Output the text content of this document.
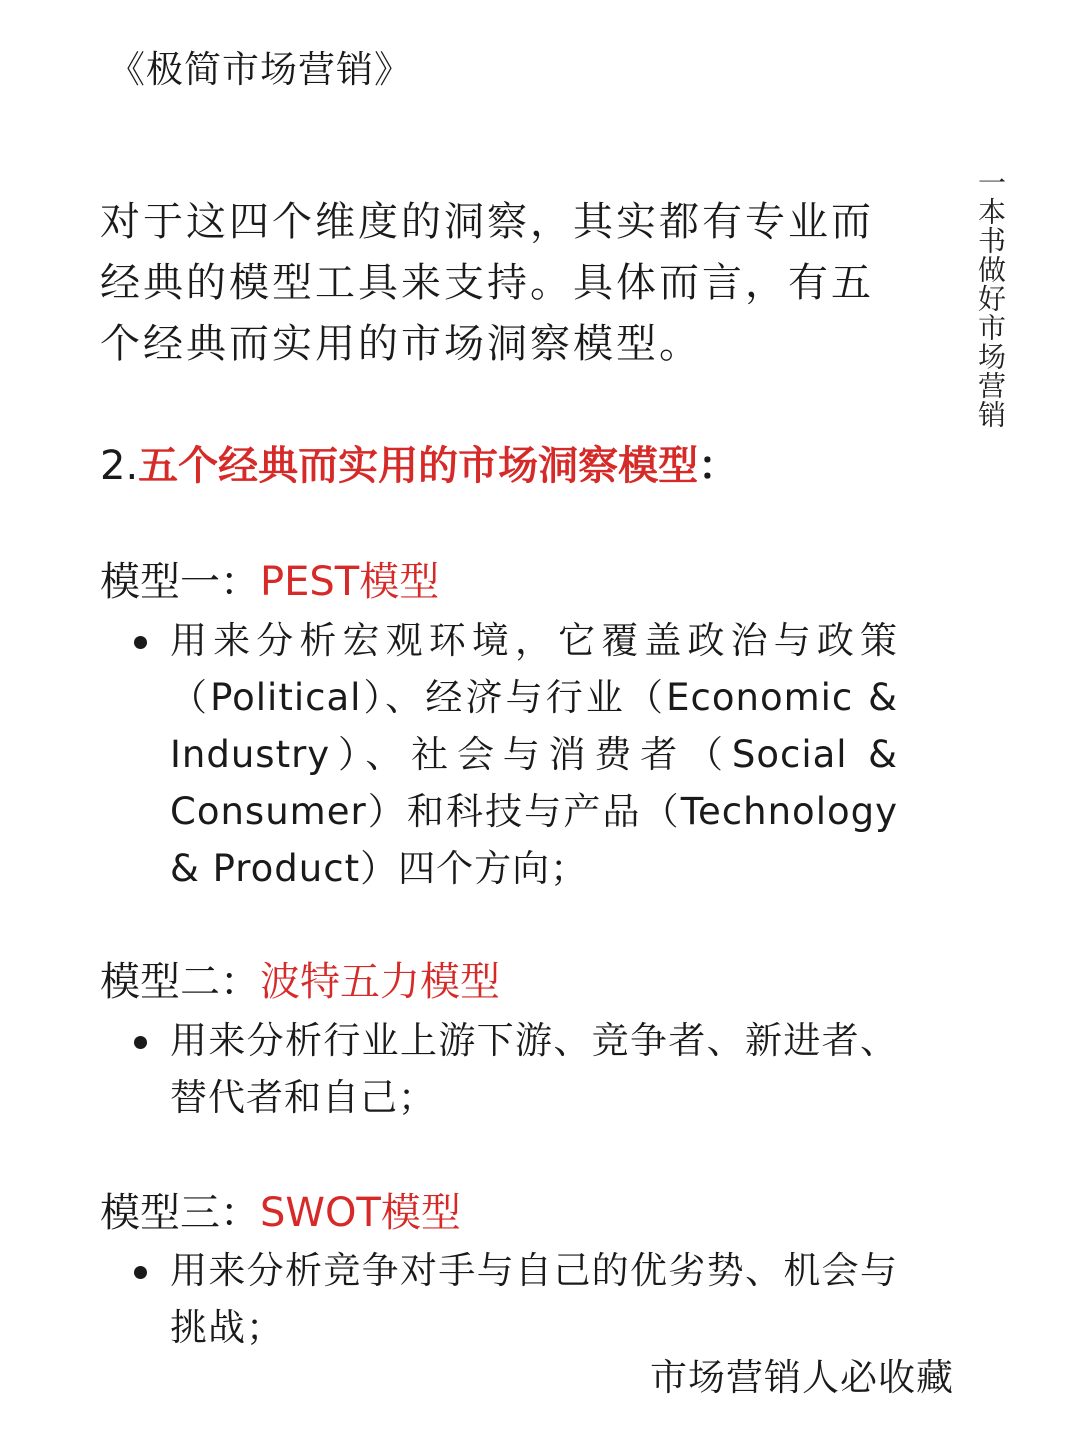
《极简市场营销》
一本书做好市场营销

对于这四个维度的洞察，其实都有专业而经典的模型工具来支持。具体而言，有五个经典而实用的市场洞察模型。

2.五个经典而实用的市场洞察模型：
模型一：PEST模型

用来分析宏观环境，它覆盖政治与政策（Political）、经济与行业（Economic & Industry）、社会与消费者（Social & Consumer）和科技与产品（Technology & Product）四个方向；

模型二：波特五力模型

用来分析行业上游下游、竞争者、新进者、替代者和自己；

模型三：SWOT模型

用来分析竞争对手与自己的优劣势、机会与挑战；

市场营销人必收藏
